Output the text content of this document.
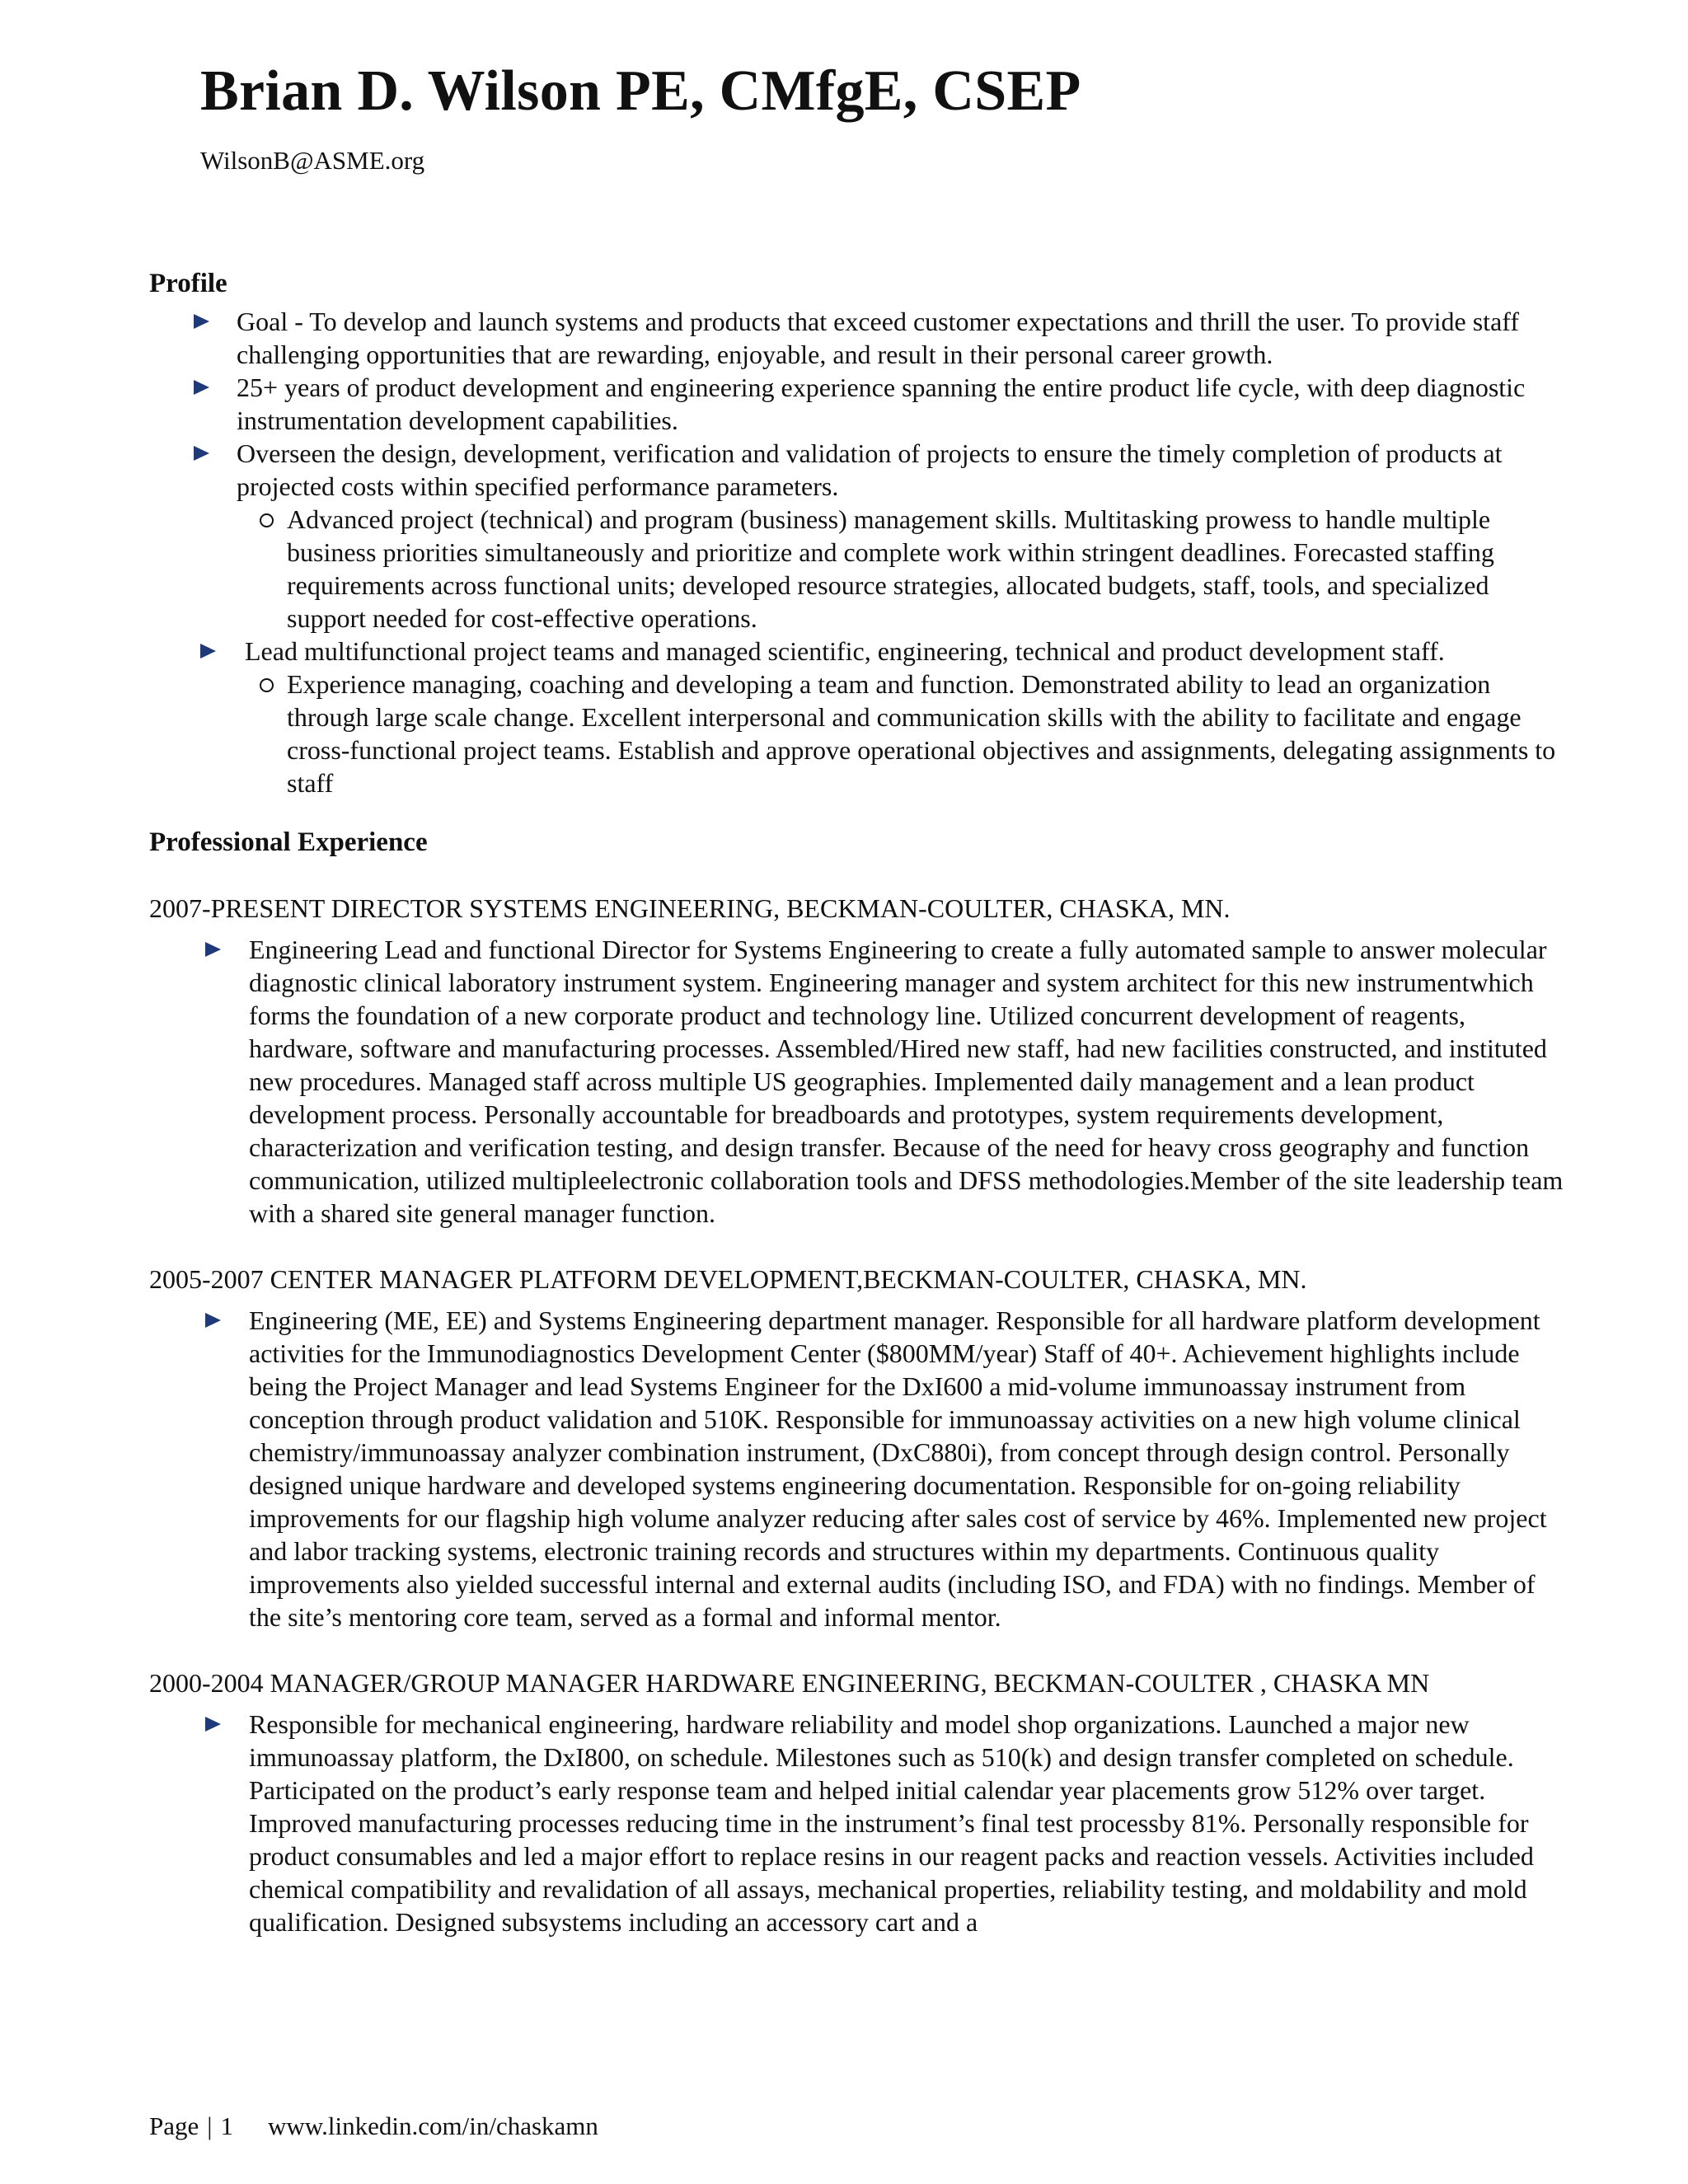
Brian D. Wilson PE, CMfgE, CSEP
WilsonB@ASME.org
Profile
Goal - To develop and launch systems and products that exceed customer expectations and thrill the user. To provide staff challenging opportunities that are rewarding, enjoyable, and result in their personal career growth.
25+ years of product development and engineering experience spanning the entire product life cycle, with deep diagnostic instrumentation development capabilities.
Overseen the design, development, verification and validation of projects to ensure the timely completion of products at projected costs within specified performance parameters.
Advanced project (technical) and program (business) management skills. Multitasking prowess to handle multiple business priorities simultaneously and prioritize and complete work within stringent deadlines. Forecasted staffing requirements across functional units; developed resource strategies, allocated budgets, staff, tools, and specialized support needed for cost-effective operations.
Lead multifunctional project teams and managed scientific, engineering, technical and product development staff.
Experience managing, coaching and developing a team and function. Demonstrated ability to lead an organization through large scale change. Excellent interpersonal and communication skills with the ability to facilitate and engage cross-functional project teams. Establish and approve operational objectives and assignments, delegating assignments to staff
Professional Experience

2007-PRESENT DIRECTOR SYSTEMS ENGINEERING, BECKMAN-COULTER, CHASKA, MN.

Engineering Lead and functional Director for Systems Engineering to create a fully automated sample to answer molecular diagnostic clinical laboratory instrument system. Engineering manager and system architect for this new instrumentwhich forms the foundation of a new corporate product and technology line. Utilized concurrent development of reagents, hardware, software and manufacturing processes. Assembled/Hired new staff, had new facilities constructed, and instituted new procedures. Managed staff across multiple US geographies. Implemented daily management and a lean product development process. Personally accountable for breadboards and prototypes, system requirements development, characterization and verification testing, and design transfer. Because of the need for heavy cross geography and function communication, utilized multipleelectronic collaboration tools and DFSS methodologies.Member of the site leadership team with a shared site general manager function.

2005-2007 CENTER MANAGER PLATFORM DEVELOPMENT,BECKMAN-COULTER, CHASKA, MN.

Engineering (ME, EE) and Systems Engineering department manager. Responsible for all hardware platform development activities for the Immunodiagnostics Development Center ($800MM/year) Staff of 40+. Achievement highlights include being the Project Manager and lead Systems Engineer for the DxI600 a mid-volume immunoassay instrument from conception through product validation and 510K. Responsible for immunoassay activities on a new high volume clinical chemistry/immunoassay analyzer combination instrument, (DxC880i), from concept through design control. Personally designed unique hardware and developed systems engineering documentation. Responsible for on-going reliability improvements for our flagship high volume analyzer reducing after sales cost of service by 46%. Implemented new project and labor tracking systems, electronic training records and structures within my departments. Continuous quality improvements also yielded successful internal and external audits (including ISO, and FDA) with no findings. Member of the site’s mentoring core team, served as a formal and informal mentor.

2000-2004 MANAGER/GROUP MANAGER HARDWARE ENGINEERING, BECKMAN-COULTER , CHASKA MN

Responsible for mechanical engineering, hardware reliability and model shop organizations. Launched a major new immunoassay platform, the DxI800, on schedule. Milestones such as 510(k) and design transfer completed on schedule. Participated on the product’s early response team and helped initial calendar year placements grow 512% over target. Improved manufacturing processes reducing time in the instrument’s final test processby 81%. Personally responsible for product consumables and led a major effort to replace resins in our reagent packs and reaction vessels. Activities included chemical compatibility and revalidation of all assays, mechanical properties, reliability testing, and moldability and mold qualification. Designed subsystems including an accessory cart and a
Page | 1 www.linkedin.com/in/chaskamn
